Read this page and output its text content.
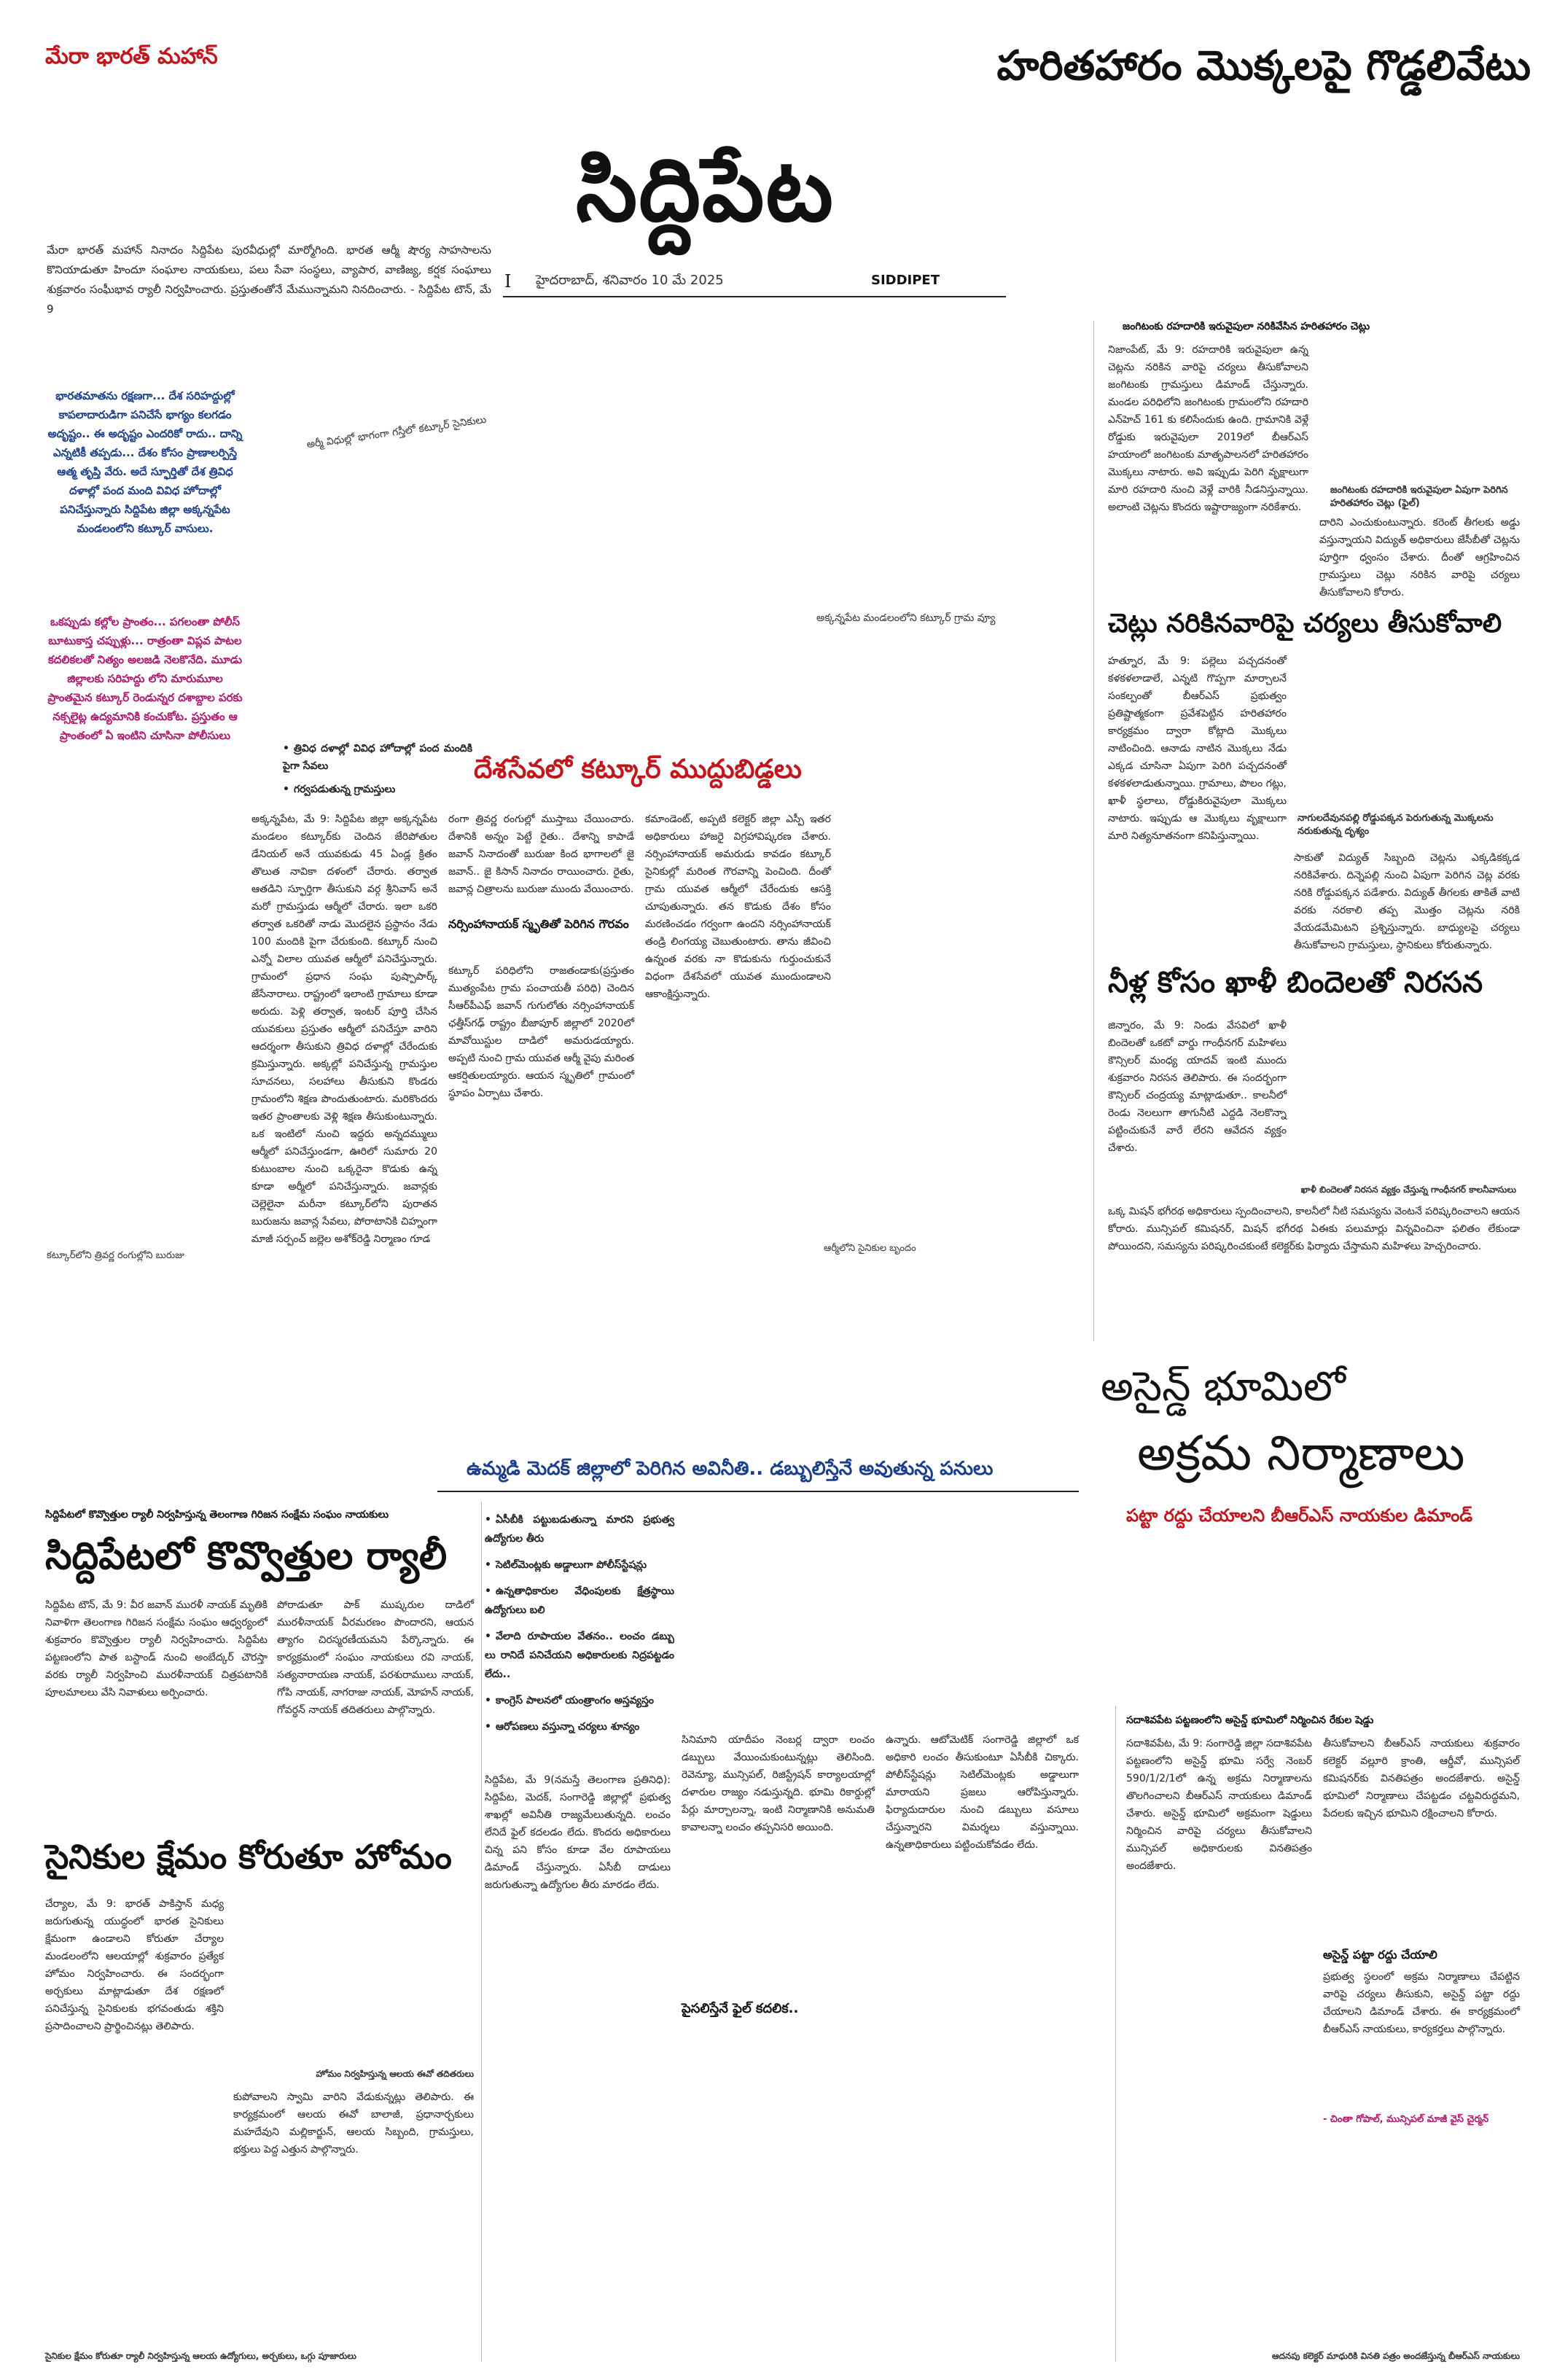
మేరా భారత్ మహాన్	హరితహారం మొక్కలపై గొడ్డలివేటు
సిద్దిపేట
I హైదరాబాద్, శనివారం 10 మే 2025	SIDDIPET
మేరా భారత్ మహాన్ నినాదం సిద్దిపేట పురవీధుల్లో మార్మోగింది. భారత ఆర్మీ షౌర్య సాహసాలను కొనియాడుతూ హిందూ సంఘాల నాయకులు, పలు సేవా సంస్థలు, వ్యాపార, వాణిజ్య, కర్షక సంఘాలు శుక్రవారం సంఘీభావ ర్యాలీ నిర్వహించారు. ప్రస్తుతంతోనే మేమున్నామని నినదించారు. - సిద్దిపేట టౌన్, మే 9
భారతమాతను రక్షణగా... దేశ సరిహద్దుల్లో కాపలాదారుడిగా పనిచేసే భాగ్యం కలగడం అదృష్టం.. ఈ అదృష్టం ఎందరికో రాదు.. దాన్ని ఎన్నటికీ తప్పడు... దేశం కోసం ప్రాణాలర్పిస్తే ఆత్మ తృప్తి వేరు. అదే స్ఫూర్తితో దేశ త్రివిధ దళాల్లో పంద మంది వివిధ హోదాల్లో పనిచేస్తున్నారు సిద్దిపేట జిల్లా అక్కన్నపేట మండలంలోని కట్కూర్ వాసులు.
అర్మీ విధుల్లో భాగంగా గస్తీలో కట్కూర్ సైనికులు
ఒకప్పుడు కల్లోల ప్రాంతం... పగలంతా పోలీస్ బూటుకాస్త చప్పుళ్లు... రాత్రంతా విప్లవ పాటల కదలికలతో నిత్యం అలజడి నెలకొనేది. మూడు జిల్లాలకు సరిహద్దు లోని మారుమూల ప్రాంతమైన కట్కూర్ రెండున్నర దశాబ్దాల పరకు నక్సలైట్ల ఉద్యమానికి కంచుకోట. ప్రస్తుతం ఆ ప్రాంతంలో ఏ ఇంటిని చూసినా పోలీసులు
అక్కన్నపేట మండలంలోని కట్కూర్ గ్రామ వ్యూ
• త్రివిధ దళాల్లో వివిధ హోదాల్లో పంద మందికి పైగా సేవలు
• గర్వపడుతున్న గ్రామస్తులు
దేశసేవలో కట్కూర్ ముద్దుబిడ్డలు
అక్కన్నపేట, మే 9: సిద్దిపేట జిల్లా అక్కన్నపేట మండలం కట్కూర్‌కు చెందిన జేరిపోతుల డేనియల్ అనే యువకుడు 45 ఏండ్ల క్రితం తొలుత నావికా దళంలో చేరారు. తర్వాత ఆతడిని స్ఫూర్తిగా తీసుకుని వర్గ శ్రీనివాస్ అనే మరో గ్రామస్తుడు ఆర్మీలో చేరారు. ఇలా ఒకరి తర్వాత ఒకరితో నాడు మొదలైన ప్రస్థానం నేడు 100 మందికి పైగా చేరుకుంది. కట్కూర్ నుంచి ఎన్నో విలాల యువత ఆర్మీలో పనిచేస్తున్నారు. గ్రామంలో ప్రధాన సంఘ పుష్పాపార్క్ జేసేనారాలు. రాష్ట్రంలో ఇలాంటి గ్రామాలు కూడా అరుదు. పెళ్లి తర్వాత, ఇంటర్ పూర్తి చేసిన యువకులు ప్రస్తుతం ఆర్మీలో పనిచేస్తూ వారిని ఆదర్శంగా తీసుకుని త్రివిధ దళాల్లో చేరేందుకు క్రమిస్తున్నారు. అక్కల్లో పనిచేస్తున్న గ్రామస్తుల సూచనలు, సలహాలు తీసుకుని కొండరు గ్రామంలోని శిక్షణ పొందుతుంటారు. మరికొందరు ఇతర ప్రాంతాలకు వెళ్లి శిక్షణ తీసుకుంటున్నారు. ఒక ఇంటిలో నుంచి ఇద్దరు అన్నదమ్ములు ఆర్మీలో పనిచేస్తుండగా, ఊరిలో సుమారు 20 కుటుంబాల నుంచి ఒక్కరైనా కొడుకు ఉన్న కూడా అర్మీలో పనిచేస్తున్నారు. జవాన్లకు చెల్లెలైనా మరీనా కట్కూర్‌లోని పురాతన బురుజను జవాన్ల సేవలు, పోరాటానికి చిహ్నంగా మాజీ సర్పంచ్ జల్లెల అశోక్‌రెడ్డి నిర్మాణం గూడ
రంగా త్రివర్ణ రంగుల్లో ముస్తాబు చేయించారు. దేశానికి అన్నం పెట్టే రైతు.. దేశాన్ని కాపాడే జవాన్ నినాదంతో బురుజు కింద భాగాలలో జై జవాన్.. జై కిసాన్ నినాదం రాయించారు. రైతు, జవాన్ల చిత్రాలను బురుజు ముందు వేయించారు.
నర్సింహానాయక్ స్మృతితో పెరిగిన గౌరవం
కట్కూర్ పరిధిలోని రాజతండాకు(ప్రస్తుతం ముత్యంపేట గ్రామ పంచాయతీ పరిధి) చెందిన సీఆర్‌పీఎఫ్ జవాన్ గుగులోతు నర్సింహానాయక్ ఛత్తీస్‌గఢ్ రాష్ట్రం బీజాపూర్ జిల్లాలో 2020లో మావోయిస్టుల దాడిలో అమరుడయ్యారు. అప్పటి నుంచి గ్రామ యువత ఆర్మీ వైపు మరింత ఆకర్షితులయ్యారు. ఆయన స్మృతిలో గ్రామంలో స్థూపం ఏర్పాటు చేశారు.
కమాండెంట్, అప్పటి కలెక్టర్ జిల్లా ఎస్పీ ఇతర అధికారులు హాజరై విగ్రహావిష్కరణ చేశారు. నర్సింహానాయక్ అమరుడు కావడం కట్కూర్ సైనికుల్లో మరింత గౌరవాన్ని పెంచింది. దీంతో గ్రామ యువత ఆర్మీలో చేరేందుకు ఆసక్తి చూపుతున్నారు. తన కొడుకు దేశం కోసం మరణించడం గర్వంగా ఉందని నర్సింహానాయక్ తండ్రి లింగయ్య చెబుతుంటారు. తాను జీవించి ఉన్నంత వరకు నా కొడుకును గుర్తుంచుకునే విధంగా దేశసేవలో యువత ముందుండాలని ఆకాంక్షిస్తున్నారు.
కట్కూర్‌లోని త్రివర్ణ రంగుల్లోని బురుజు
ఆర్మీలోని సైనికుల బృందం
జంగిటంకు రహదారికి ఇరువైపులా నరికివేసిన హరితహారం చెట్లు
నిజాంపేట్, మే 9: రహదారికి ఇరువైపులా ఉన్న చెట్లను నరికిన వారిపై చర్యలు తీసుకోవాలని జంగిటంకు గ్రామస్తులు డిమాండ్ చేస్తున్నారు. మండల పరిధిలోని జంగిటంకు గ్రామంలోని రహదారి ఎన్‌హెచ్ 161 కు కలిసేందుకు ఉంది. గ్రామానికి వెళ్లే రోడ్డుకు ఇరువైపులా 2019లో బీఆర్‌ఎస్ హయాంలో జంగిటంకు మాతృపాలనలో హరితహారం మొక్కలు నాటారు. అవి ఇప్పుడు పెరిగి వృక్షాలుగా మారి రహదారి నుంచి వెళ్లే వారికి నీడనిస్తున్నాయి. అలాంటి చెట్లను కొందరు ఇష్టారాజ్యంగా నరికేశారు.
జంగిటంకు రహదారికి ఇరువైపులా ఏపుగా పెరిగిన హరితహారం చెట్లు (ఫైల్)
దారిని ఎంచుకుంటున్నారు. కరెంట్ తీగలకు అడ్డు వస్తున్నాయని విద్యుత్ అధికారులు జేసీబీతో చెట్లను పూర్తిగా ధ్వంసం చేశారు. దీంతో ఆగ్రహించిన గ్రామస్తులు చెట్లు నరికిన వారిపై చర్యలు తీసుకోవాలని కోరారు.
చెట్లు నరికినవారిపై చర్యలు తీసుకోవాలి
హత్నూర, మే 9: పల్లెలు పచ్చదనంతో కళకళలాడాలే, ఎన్నటి గొప్పగా మార్చాలనే సంకల్పంతో బీఆర్ఎస్ ప్రభుత్వం ప్రతిష్టాత్మకంగా ప్రవేశపెట్టిన హరితహారం కార్యక్రమం ద్వారా కోట్లాది మొక్కలు నాటించింది. ఆనాడు నాటిన మొక్కలు నేడు ఎక్కడ చూసినా ఏపుగా పెరిగి పచ్చదనంతో కళకళలాడుతున్నాయి. గ్రామాలు, పొలం గట్లు, ఖాళీ స్థలాలు, రోడ్డుకిరువైపులా మొక్కలు నాటారు. ఇప్పుడు ఆ మొక్కలు వృక్షాలుగా మారి నిత్యనూతనంగా కనిపిస్తున్నాయి.
నాగులదేవునపల్లి రోడ్డుపక్కన పెరుగుతున్న మొక్కలను నరుకుతున్న దృశ్యం
సాకుతో విద్యుత్ సిబ్బంది చెట్లను ఎక్కడికక్కడ నరికివేశారు. దిన్నెపల్లి నుంచి ఏపుగా పెరిగిన చెట్ల వరకు నరికి రోడ్డుపక్కన పడేశారు. విద్యుత్ తీగలకు తాకితే వాటి వరకు నరకాలి తప్ప మొత్తం చెట్లను నరికి వేయడమేమిటని ప్రశ్నిస్తున్నారు. బాధ్యులపై చర్యలు తీసుకోవాలని గ్రామస్తులు, స్థానికులు కోరుతున్నారు.
నీళ్ల కోసం ఖాళీ బిందెలతో నిరసన
జిన్నారం, మే 9: నిండు వేసవిలో ఖాళీ బిందెలతో ఒకటో వార్డు గాంధీనగర్ మహిళలు కౌన్సిలర్ మంధ్య యాదవ్ ఇంటి ముందు శుక్రవారం నిరసన తెలిపారు. ఈ సందర్భంగా కౌన్సిలర్ చంద్రయ్య మాట్లాడుతూ.. కాలనీలో రెండు నెలలుగా తాగునీటి ఎద్దడి నెలకొన్నా పట్టించుకునే వారే లేరని ఆవేదన వ్యక్తం చేశారు.
ఖాళీ బిందెలతో నిరసన వ్యక్తం చేస్తున్న గాంధీనగర్ కాలనీవాసులు
ఒక్క మిషన్ భగీరథ అధికారులు స్పందించాలని, కాలనీలో నీటి సమస్యను వెంటనే పరిష్కరించాలని ఆయన కోరారు. మున్సిపల్ కమిషనర్, మిషన్ భగీరథ ఏఈకు పలుమార్లు విన్నవించినా ఫలితం లేకుండా పోయిందని, సమస్యను పరిష్కరించకుంటే కలెక్టర్‌కు ఫిర్యాదు చేస్తామని మహిళలు హెచ్చరించారు.
అసైన్డ్ భూమిలో
అక్రమ నిర్మాణాలు
పట్టా రద్దు చేయాలని బీఆర్ఎస్ నాయకుల డిమాండ్
ఉమ్మడి మెదక్ జిల్లాలో పెరిగిన అవినీతి.. డబ్బులిస్తేనే అవుతున్న పనులు
సిద్దిపేటలో కొవ్వొత్తుల ర్యాలీ నిర్వహిస్తున్న తెలంగాణ గిరిజన సంక్షేమ సంఘం నాయకులు
సిద్దిపేటలో కొవ్వొత్తుల ర్యాలీ
సిద్దిపేట టౌన్, మే 9: వీర జవాన్ మురళీ నాయక్ మృతికి నివాళిగా తెలంగాణ గిరిజన సంక్షేమ సంఘం ఆధ్వర్యంలో శుక్రవారం కొవ్వొత్తుల ర్యాలీ నిర్వహించారు. సిద్దిపేట పట్టణంలోని పాత బస్టాండ్ నుంచి అంబేద్కర్ చౌరస్తా వరకు ర్యాలీ నిర్వహించి మురళీనాయక్ చిత్రపటానికి పూలమాలలు వేసి నివాళులు అర్పించారు.
పోరాడుతూ పాక్ ముష్కరుల దాడిలో మురళీనాయక్ వీరమరణం పొందారని, ఆయన త్యాగం చిరస్మరణీయమని పేర్కొన్నారు. ఈ కార్యక్రమంలో సంఘం నాయకులు రవి నాయక్, సత్యనారాయణ నాయక్, పరశురాములు నాయక్, గోపి నాయక్, నాగరాజు నాయక్, మోహన్ నాయక్, గోవర్ధన్ నాయక్ తదితరులు పాల్గొన్నారు.
• ఏసీబీకి పట్టుబడుతున్నా మారని ప్రభుత్వ ఉద్యోగుల తీరు
• సెటిల్‌మెంట్లకు అడ్డాలుగా పోలీస్‌స్టేషన్లు
• ఉన్నతాధికారుల వేధింపులకు క్షేత్రస్థాయి ఉద్యోగులు బలి
• వేలాది రూపాయల వేతనం.. లంచం డబ్బు లు రానిదే పనిచేయని అధికారులకు నిద్రపట్టడం లేదు..
• కాంగ్రెస్ పాలనలో యంత్రాంగం అస్తవ్యస్తం
• ఆరోపణలు వస్తున్నా చర్యలు శూన్యం
సిద్దిపేట, మే 9(నమస్తే తెలంగాణ ప్రతినిధి): సిద్దిపేట, మెదక్, సంగారెడ్డి జిల్లాల్లో ప్రభుత్వ శాఖల్లో అవినీతి రాజ్యమేలుతున్నది. లంచం లేనిదే ఫైల్ కదలడం లేదు. కొందరు అధికారులు చిన్న పని కోసం కూడా వేల రూపాయలు డిమాండ్ చేస్తున్నారు. ఏసీబీ దాడులు జరుగుతున్నా ఉద్యోగుల తీరు మారడం లేదు.
సినిమాని యాదీపం నెంబర్ల ద్వారా లంచం డబ్బులు వేయించుకుంటున్నట్లు తెలిసింది. రెవెన్యూ, మున్సిపల్, రిజిస్ట్రేషన్ కార్యాలయాల్లో దళారుల రాజ్యం నడుస్తున్నది. భూమి రికార్డుల్లో పేర్లు మార్చాలన్నా, ఇంటి నిర్మాణానికి అనుమతి కావాలన్నా లంచం తప్పనిసరి అయింది.
పైసలిస్తేనే ఫైల్ కదలిక..
ఉన్నారు. ఆటోమెటిక్ సంగారెడ్డి జిల్లాలో ఒక అధికారి లంచం తీసుకుంటూ ఏసీబీకి చిక్కారు. పోలీస్‌స్టేషన్లు సెటిల్‌మెంట్లకు అడ్డాలుగా మారాయని ప్రజలు ఆరోపిస్తున్నారు. ఫిర్యాదుదారుల నుంచి డబ్బులు వసూలు చేస్తున్నారని విమర్శలు వస్తున్నాయి. ఉన్నతాధికారులు పట్టించుకోవడం లేదు.
సైనికుల క్షేమం కోరుతూ హోమం
చేర్యాల, మే 9: భారత్ పాకిస్తాన్ మధ్య జరుగుతున్న యుద్ధంలో భారత సైనికులు క్షేమంగా ఉండాలని కోరుతూ చేర్యాల మండలంలోని ఆలయాల్లో శుక్రవారం ప్రత్యేక హోమం నిర్వహించారు. ఈ సందర్భంగా అర్చకులు మాట్లాడుతూ దేశ రక్షణలో పనిచేస్తున్న సైనికులకు భగవంతుడు శక్తిని ప్రసాదించాలని ప్రార్థించినట్లు తెలిపారు.
హోమం నిర్వహిస్తున్న ఆలయ ఈవో తదితరులు
కుపోవాలని స్వామి వారిని వేడుకున్నట్లు తెలిపారు. ఈ కార్యక్రమంలో ఆలయ ఈవో బాలాజీ, ప్రధానార్చకులు మహదేవుని మల్లికార్జున్, ఆలయ సిబ్బంది, గ్రామస్తులు, భక్తులు పెద్ద ఎత్తున పాల్గొన్నారు.
సైనికుల క్షేమం కోరుతూ ర్యాలీ నిర్వహిస్తున్న ఆలయ ఉద్యోగులు, అర్చకులు, ఒగ్గు పూజారులు
సదాశివపేట పట్టణంలోని అసైన్డ్ భూమిలో నిర్మించిన రేకుల షెడ్డు
సదాశివపేట, మే 9: సంగారెడ్డి జిల్లా సదాశివపేట పట్టణంలోని అసైన్డ్ భూమి సర్వే నెంబర్ 590/1/2/1లో ఉన్న అక్రమ నిర్మాణాలను తొలగించాలని బీఆర్‌ఎస్ నాయకులు డిమాండ్ చేశారు. అసైన్డ్ భూమిలో అక్రమంగా షెడ్డులు నిర్మించిన వారిపై చర్యలు తీసుకోవాలని మున్సిపల్ అధికారులకు వినతిపత్రం అందజేశారు.
తీసుకోవాలని బీఆర్ఎస్ నాయకులు శుక్రవారం కలెక్టర్ వల్లూరి క్రాంతి, ఆర్డీవో, మున్సిపల్ కమిషనర్‌కు వినతిపత్రం అందజేశారు. అసైన్డ్ భూమిలో నిర్మాణాలు చేపట్టడం చట్టవిరుద్ధమని, పేదలకు ఇచ్చిన భూమిని రక్షించాలని కోరారు.
అసైన్డ్ పట్టా రద్దు చేయాలి
ప్రభుత్వ స్థలంలో అక్రమ నిర్మాణాలు చేపట్టిన వారిపై చర్యలు తీసుకుని, అసైన్డ్ పట్టా రద్దు చేయాలని డిమాండ్ చేశారు. ఈ కార్యక్రమంలో బీఆర్ఎస్ నాయకులు, కార్యకర్తలు పాల్గొన్నారు.
- చింతా గోపాల్, మున్సిపల్ మాజీ వైస్ చైర్మన్
ఆదనపు కలెక్టర్ మాధురికి వినతి పత్రం అందజేస్తున్న బీఆర్ఎస్ నాయకులు
